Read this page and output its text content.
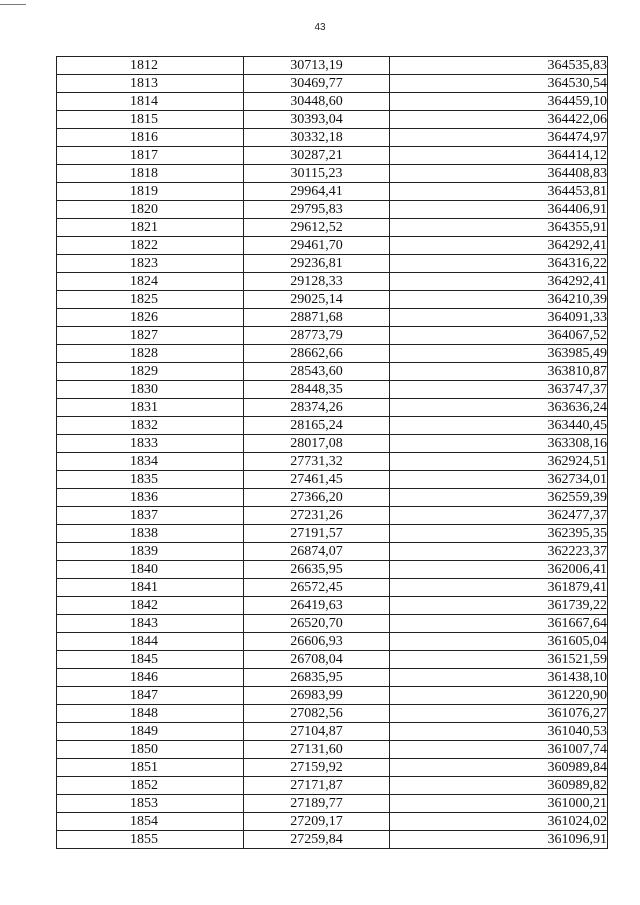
43
1812	30713,19	364535,83
1813	30469,77	364530,54
1814	30448,60	364459,10
1815	30393,04	364422,06
1816	30332,18	364474,97
1817	30287,21	364414,12
1818	30115,23	364408,83
1819	29964,41	364453,81
1820	29795,83	364406,91
1821	29612,52	364355,91
1822	29461,70	364292,41
1823	29236,81	364316,22
1824	29128,33	364292,41
1825	29025,14	364210,39
1826	28871,68	364091,33
1827	28773,79	364067,52
1828	28662,66	363985,49
1829	28543,60	363810,87
1830	28448,35	363747,37
1831	28374,26	363636,24
1832	28165,24	363440,45
1833	28017,08	363308,16
1834	27731,32	362924,51
1835	27461,45	362734,01
1836	27366,20	362559,39
1837	27231,26	362477,37
1838	27191,57	362395,35
1839	26874,07	362223,37
1840	26635,95	362006,41
1841	26572,45	361879,41
1842	26419,63	361739,22
1843	26520,70	361667,64
1844	26606,93	361605,04
1845	26708,04	361521,59
1846	26835,95	361438,10
1847	26983,99	361220,90
1848	27082,56	361076,27
1849	27104,87	361040,53
1850	27131,60	361007,74
1851	27159,92	360989,84
1852	27171,87	360989,82
1853	27189,77	361000,21
1854	27209,17	361024,02
1855	27259,84	361096,91
